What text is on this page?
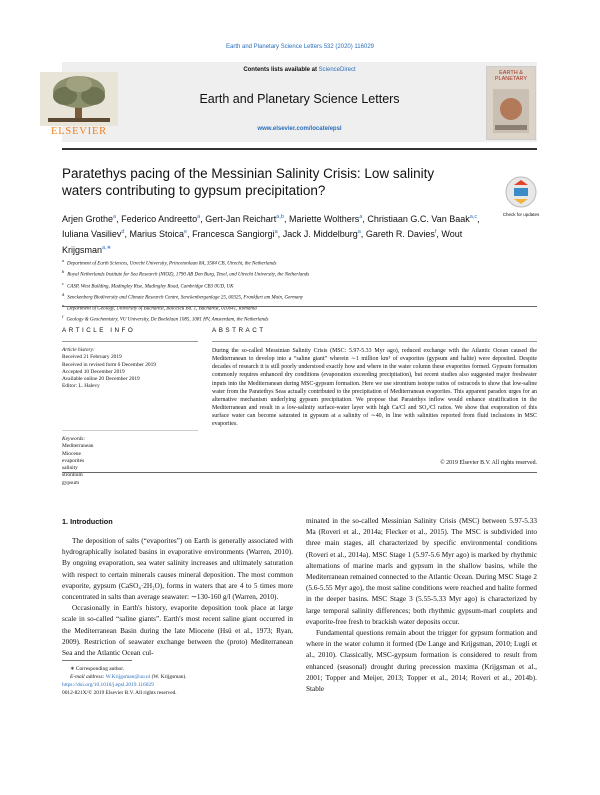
Earth and Planetary Science Letters 532 (2020) 116029
Contents lists available at ScienceDirect
Earth and Planetary Science Letters
www.elsevier.com/locate/epsl
ELSEVIER
EARTH & PLANETARY
Paratethys pacing of the Messinian Salinity Crisis: Low salinity waters contributing to gypsum precipitation?
Check for updates
Arjen Grothe$^a$, Federico Andreetto$^a$, Gert-Jan Reichart$^{a,b}$, Mariette Wolthers$^a$, Christiaan G.C. Van Baak$^{a,c}$, Iuliana Vasiliev$^d$, Marius Stoica$^e$, Francesca Sangiorgi$^a$, Jack J. Middelburg$^a$, Gareth R. Davies$^f$, Wout Krijgsman$^{a,∗}$
aDepartment of Earth Sciences, Utrecht University, Princetonlaan 8A, 3584 CB, Utrecht, the Netherlands
bRoyal Netherlands Institute for Sea Research (NIOZ), 1790 AB Den Burg, Texel, and Utrecht University, the Netherlands
cCASP, West Building, Madingley Rise, Madingley Road, Cambridge CB3 0UD, UK
dSenckenberg Biodiversity and Climate Research Centre, Senckenberganlage 25, 60325, Frankfurt am Main, Germany
eDepartment of Geology, University of Bucharest, Bălcescu Bd. 1, Bucharest, 010041, Romania
fGeology & Geochemistry, VU University, De Boelelaan 1085, 1081 HV, Amsterdam, the Netherlands
ARTICLE INFO	ABSTRACT
Article history:
Received 21 February 2019
Received in revised form 6 December 2019
Accepted 10 December 2019
Available online 20 December 2019
Editor: L. Halevy
Keywords:
Mediterranean
Miocene
evaporites
salinity
strontium
gypsum
During the so-called Messinian Salinity Crisis (MSC: 5.97-5.33 Myr ago), reduced exchange with the Atlantic Ocean caused the Mediterranean to develop into a “saline giant” wherein ∼1 million km³ of evaporites (gypsum and halite) were deposited. Despite decades of research it is still poorly understood exactly how and where in the water column these evaporites formed. Gypsum formation commonly requires enhanced dry conditions (evaporation exceeding precipitation), but recent studies also suggested major freshwater inputs into the Mediterranean during MSC-gypsum formation. Here we use strontium isotope ratios of ostracods to show that low-saline water from the Paratethys Seas actually contributed to the precipitation of Mediterranean evaporites. This apparent paradox urges for an alternative mechanism underlying gypsum precipitation. We propose that Paratethys inflow would enhance stratification in the Mediterranean and result in a low-salinity surface-water layer with high Ca/Cl and SO₄/Cl ratios. We show that evaporation of this surface water can become saturated in gypsum at a salinity of ∼40, in line with salinities reported from fluid inclusions in MSC evaporites.
© 2019 Elsevier B.V. All rights reserved.
1. Introduction

The deposition of salts (“evaporites”) on Earth is generally associated with hydrographically isolated basins in evaporative environments (Warren, 2010). By ongoing evaporation, sea water salinity increases and ultimately saturation with respect to certain minerals causes mineral deposition. The most common evaporite, gypsum (CaSO₄·2H₂O), forms in waters that are 4 to 5 times more concentrated in salts than average seawater: ∼130-160 g/l (Warren, 2010).

Occasionally in Earth's history, evaporite deposition took place at large scale in so-called “saline giants”. Earth's most recent saline giant occurred in the Mediterranean Basin during the late Miocene (Hsü et al., 1973; Ryan, 2009). Restriction of seawater exchange between the (proto) Mediterranean Sea and the Atlantic Ocean cul-

minated in the so-called Messinian Salinity Crisis (MSC) between 5.97-5.33 Ma (Roveri et al., 2014a; Flecker et al., 2015). The MSC is subdivided into three main stages, all characterized by specific environmental conditions (Roveri et al., 2014a). MSC Stage 1 (5.97-5.6 Myr ago) is marked by rhythmic alternations of marine marls and gypsum in the shallow basins, while the Mediterranean remained connected to the Atlantic Ocean. During MSC Stage 2 (5.6-5.55 Myr ago), the most saline conditions were reached and halite formed in the deeper basins. MSC Stage 3 (5.55-5.33 Myr ago) is characterized by large temporal salinity differences; both rhythmic gypsum-marl couplets and evaporite-free fresh to brackish water deposits occur.

Fundamental questions remain about the trigger for gypsum formation and where in the water column it formed (De Lange and Krijgsman, 2010; Lugli et al., 2010). Classically, MSC-gypsum formation is considered to result from enhanced (seasonal) drought during precession maxima (Krijgsman et al., 2001; Topper and Meijer, 2013; Topper et al., 2014; Roveri et al., 2014b). Stable

∗ Corresponding author.
E-mail address: W.Krijgsman@uu.nl (W. Krijgsman).
https://doi.org/10.1016/j.epsl.2019.116029
0012-821X/© 2019 Elsevier B.V. All rights reserved.
